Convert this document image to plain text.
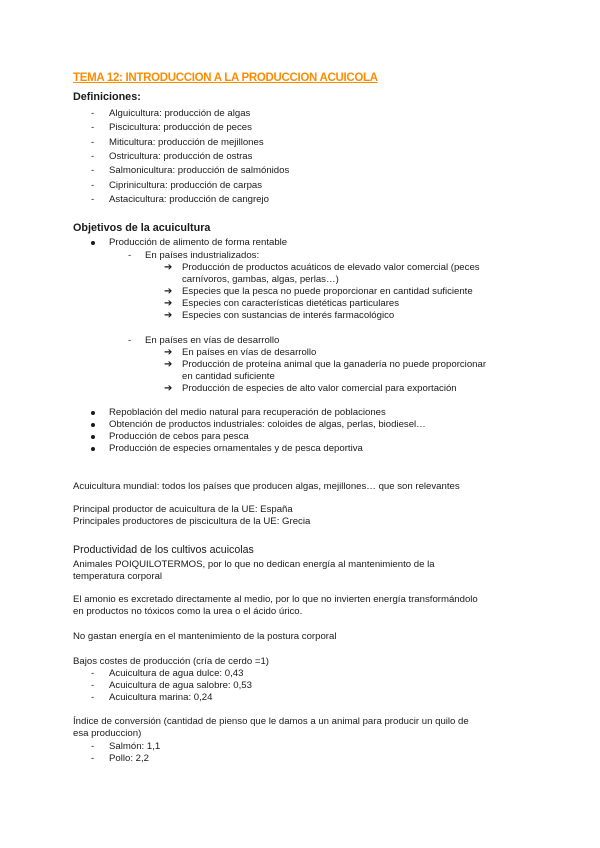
TEMA 12: INTRODUCCION A LA PRODUCCION ACUICOLA
Definiciones:
- Alguicultura: producción de algas
- Piscicultura: producción de peces
- Miticultura: producción de mejillones
- Ostricultura: producción de ostras
- Salmonicultura: producción de salmónidos
- Ciprinicultura: producción de carpas
- Astacicultura: producción de cangrejo
Objetivos de la acuicultura
Producción de alimento de forma rentable
- En países industrializados:
➔ Producción de productos acuáticos de elevado valor comercial (peces
carnívoros, gambas, algas, perlas…)
➔ Especies que la pesca no puede proporcionar en cantidad suficiente
➔ Especies con características dietéticas particulares
➔ Especies con sustancias de interés farmacológico
- En países en vías de desarrollo
➔ En países en vías de desarrollo
➔ Producción de proteína animal que la ganadería no puede proporcionar
en cantidad suficiente
➔ Producción de especies de alto valor comercial para exportación
Repoblación del medio natural para recuperación de poblaciones
Obtención de productos industriales: coloides de algas, perlas, biodiesel…
Producción de cebos para pesca
Producción de especies ornamentales y de pesca deportiva
Acuicultura mundial: todos los países que producen algas, mejillones… que son relevantes
Principal productor de acuicultura de la UE: España
Principales productores de piscicultura de la UE: Grecia
Productividad de los cultivos acuicolas
Animales POIQUILOTERMOS, por lo que no dedican energía al mantenimiento de la
temperatura corporal
El amonio es excretado directamente al medio, por lo que no invierten energía transformándolo
en productos no tóxicos como la urea o el ácido úrico.
No gastan energía en el mantenimiento de la postura corporal
Bajos costes de producción (cría de cerdo =1)
- Acuicultura de agua dulce: 0,43
- Acuicultura de agua salobre: 0,53
- Acuicultura marina: 0,24
Índice de conversión (cantidad de pienso que le damos a un animal para producir un quilo de
esa produccion)
- Salmón: 1,1
- Pollo: 2,2
